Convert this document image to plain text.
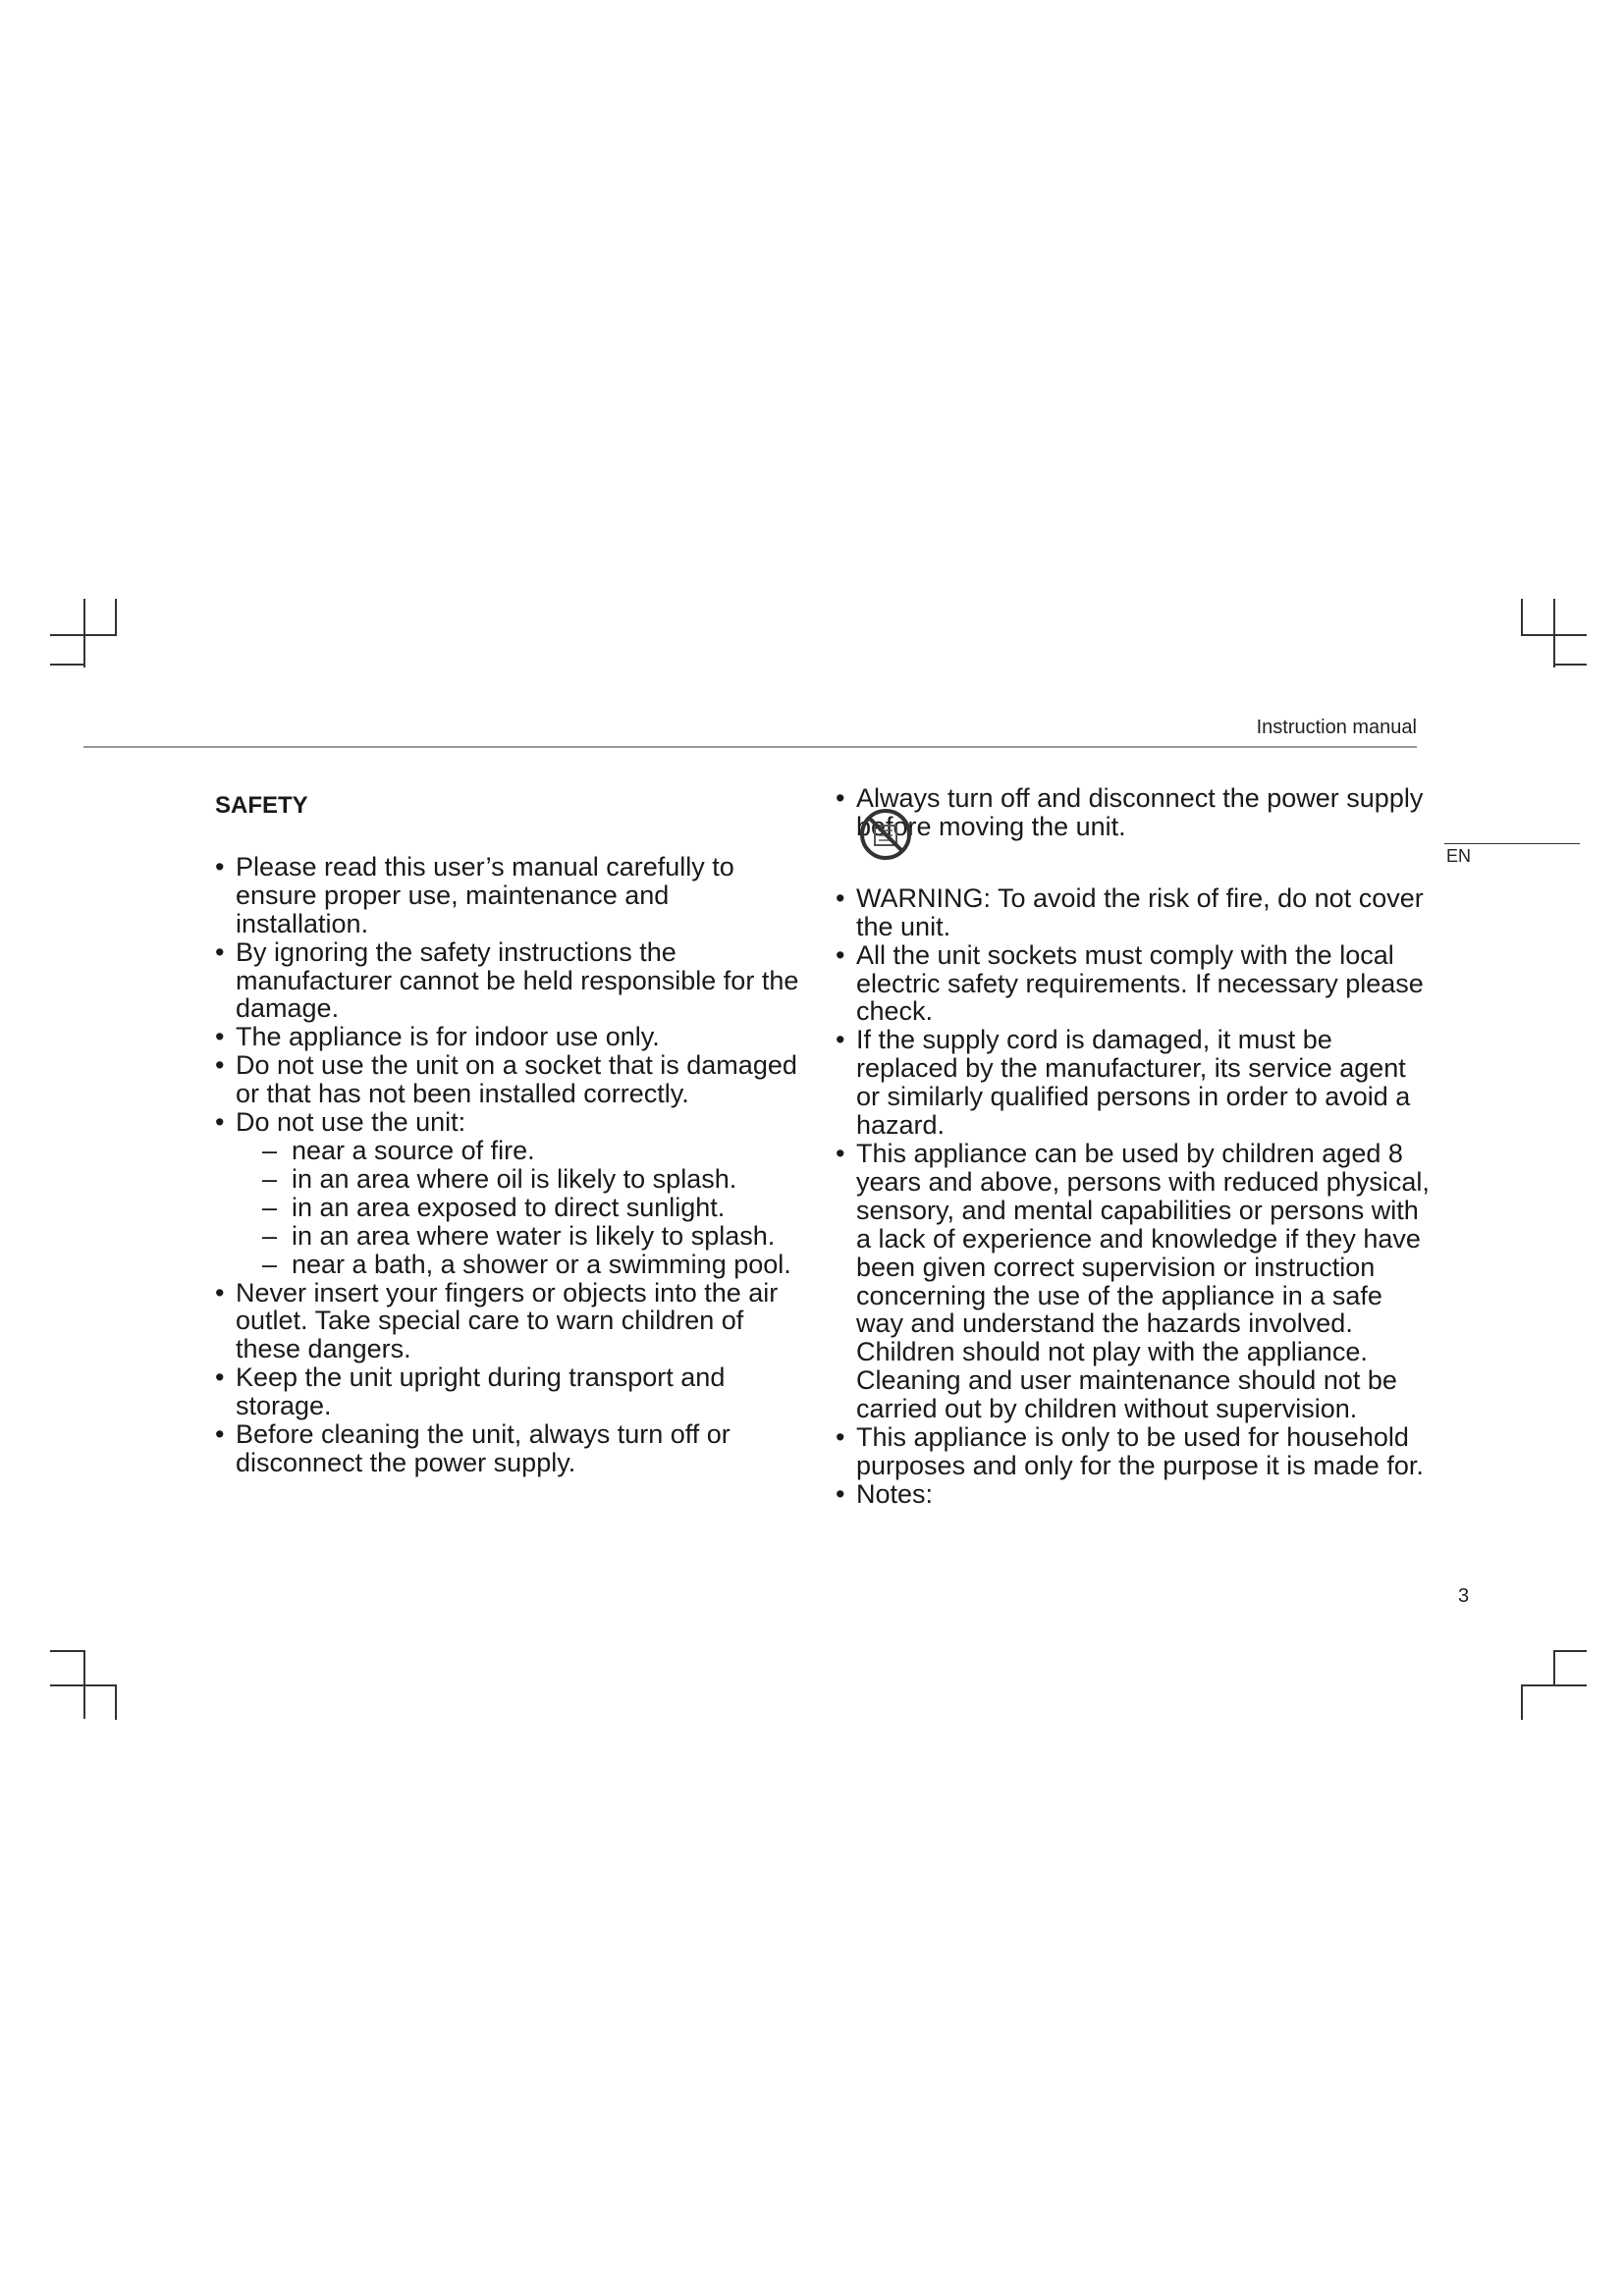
Instruction manual
EN
SAFETY
• Please read this user’s manual carefully to ensure proper use, maintenance and installation.
• By ignoring the safety instructions the manufacturer cannot be held responsible for the damage.
• The appliance is for indoor use only.
• Do not use the unit on a socket that is damaged or that has not been installed correctly.
• Do not use the unit:
– near a source of fire.
– in an area where oil is likely to splash.
– in an area exposed to direct sunlight.
– in an area where water is likely to splash.
– near a bath, a shower or a swimming pool.
• Never insert your fingers or objects into the air outlet. Take special care to warn children of these dangers.
• Keep the unit upright during transport and storage.
• Before cleaning the unit, always turn off or disconnect the power supply.
• Always turn off and disconnect the power supply before moving the unit.
• WARNING: To avoid the risk of fire, do not cover the unit.
• All the unit sockets must comply with the local electric safety requirements. If necessary please check.
• If the supply cord is damaged, it must be replaced by the manufacturer, its service agent or similarly qualified persons in order to avoid a hazard.
• This appliance can be used by children aged 8 years and above, persons with reduced physical, sensory, and mental capabilities or persons with a lack of experience and knowledge if they have been given correct supervision or instruction concerning the use of the appliance in a safe way and understand the hazards involved. Children should not play with the appliance. Cleaning and user maintenance should not be carried out by children without supervision.
• This appliance is only to be used for household purposes and only for the purpose it is made for.
• Notes:
3
